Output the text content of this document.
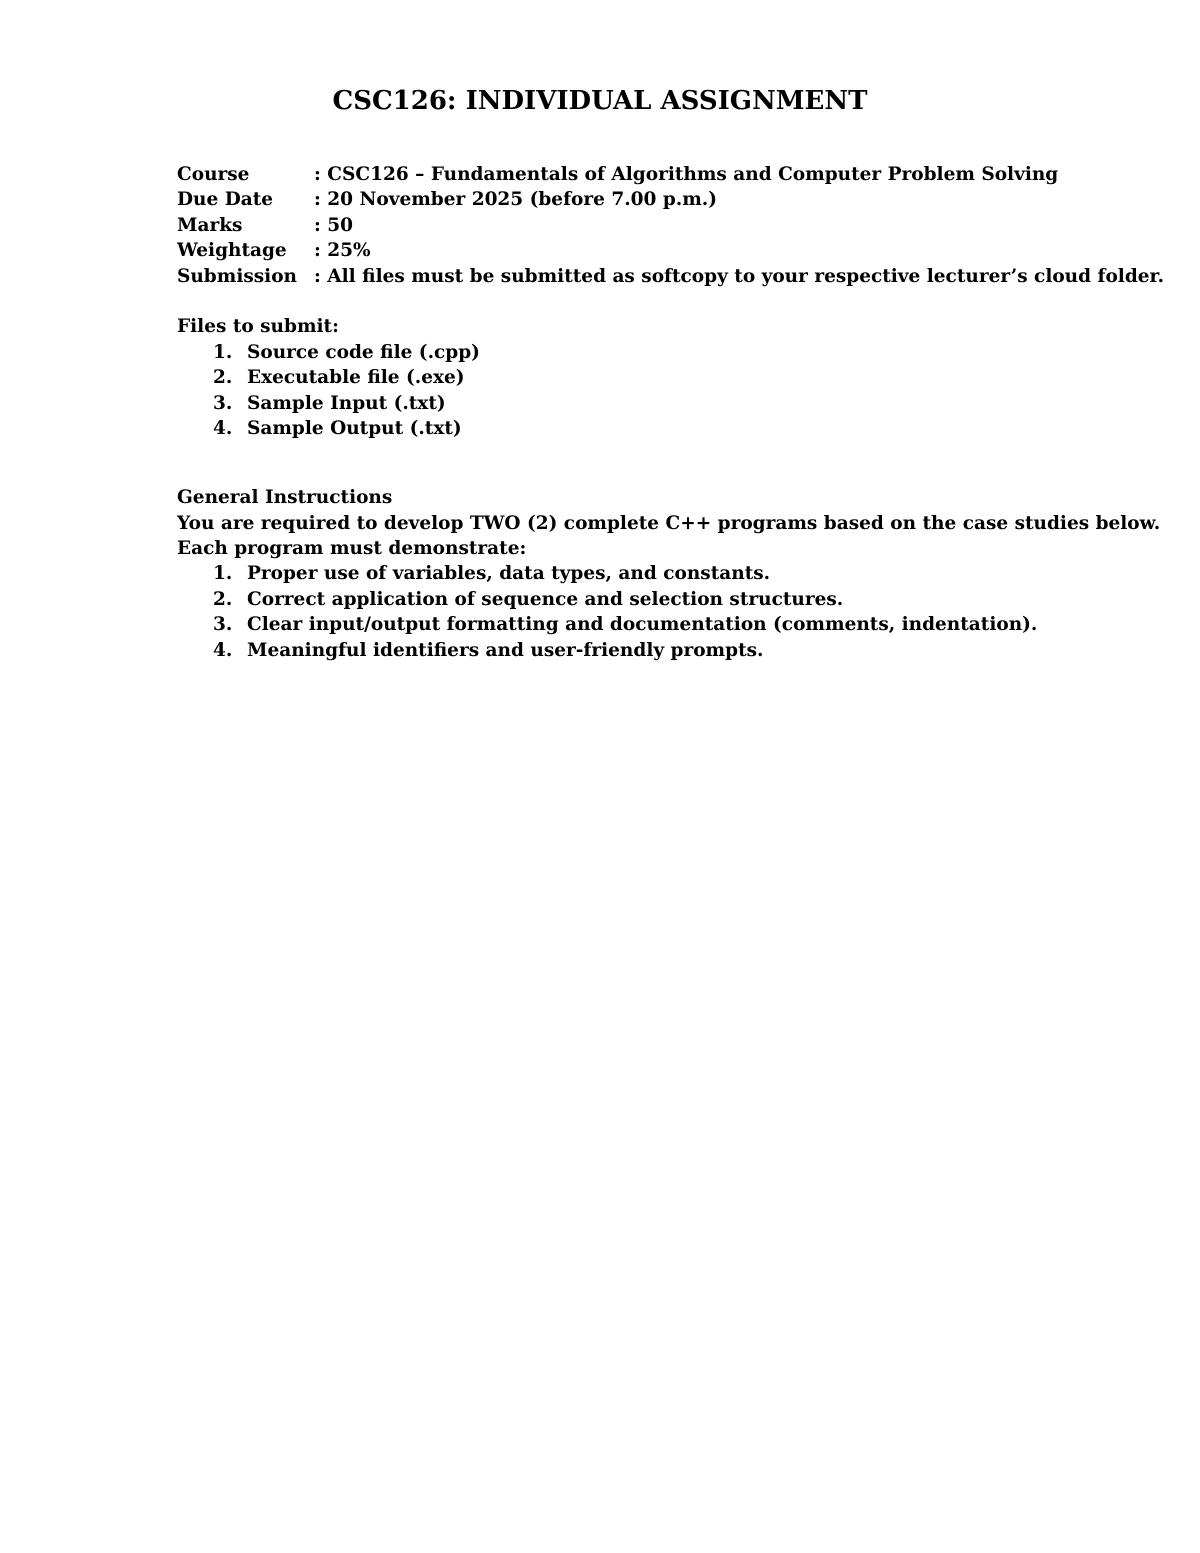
CSC126: INDIVIDUAL ASSIGNMENT
Course	: CSC126 – Fundamentals of Algorithms and Computer Problem Solving
Due Date	: 20 November 2025 (before 7.00 p.m.)
Marks	: 50
Weightage	: 25%
Submission : All files must be submitted as softcopy to your respective lecturer’s cloud folder.
Files to submit:
1. Source code file (.cpp)
2. Executable file (.exe)
3. Sample Input (.txt)
4. Sample Output (.txt)
General Instructions
You are required to develop TWO (2) complete C++ programs based on the case studies below.
Each program must demonstrate:
1. Proper use of variables, data types, and constants.
2. Correct application of sequence and selection structures.
3. Clear input/output formatting and documentation (comments, indentation).
4. Meaningful identifiers and user-friendly prompts.
